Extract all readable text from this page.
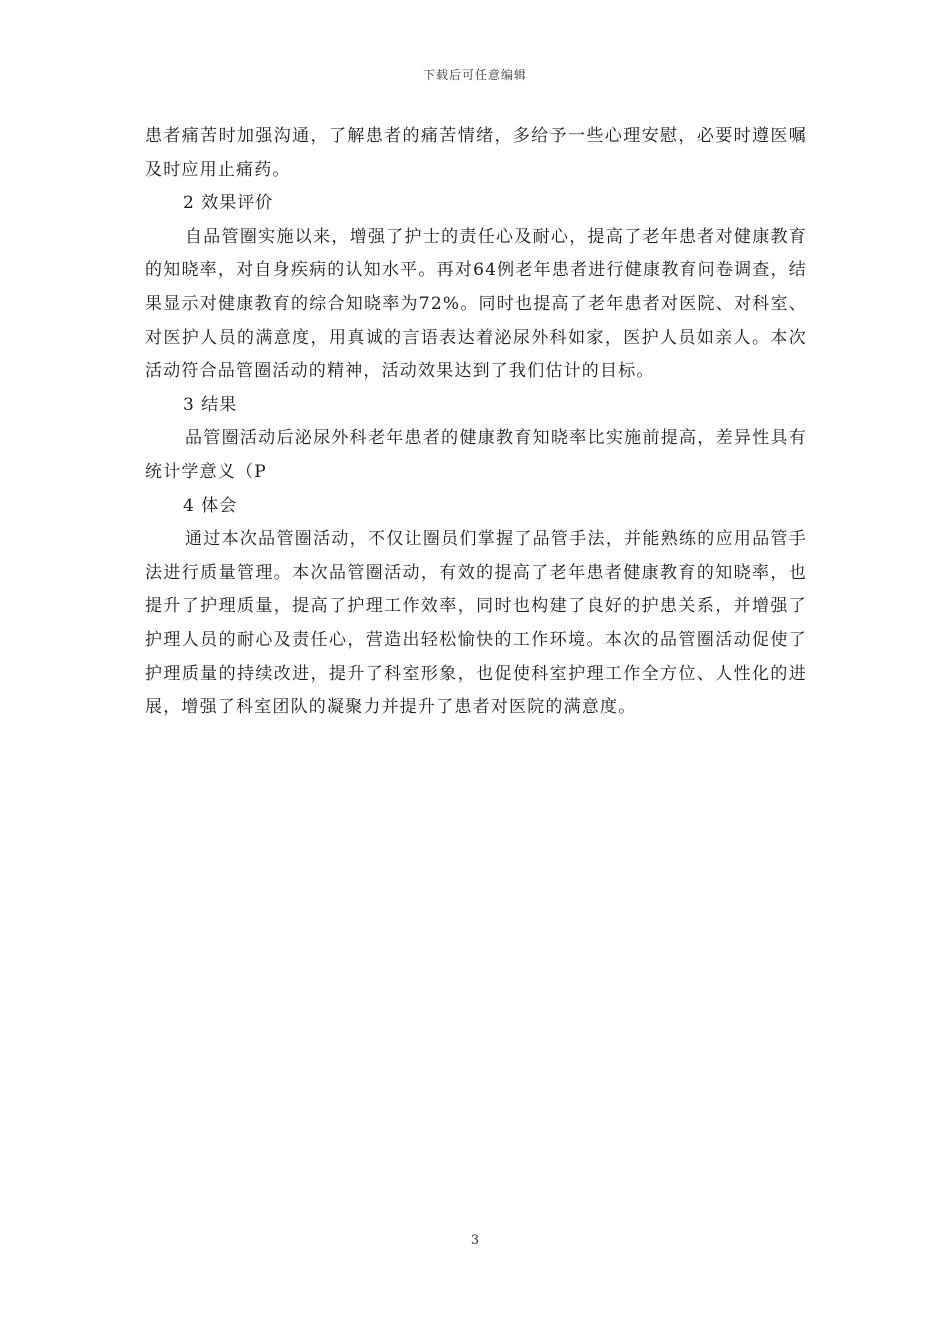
下载后可任意编辑

患者痛苦时加强沟通，了解患者的痛苦情绪，多给予一些心理安慰，必要时遵医嘱及时应用止痛药。

2 效果评价

自品管圈实施以来，增强了护士的责任心及耐心，提高了老年患者对健康教育的知晓率，对自身疾病的认知水平。再对64例老年患者进行健康教育问卷调查，结果显示对健康教育的综合知晓率为72%。同时也提高了老年患者对医院、对科室、对医护人员的满意度，用真诚的言语表达着泌尿外科如家，医护人员如亲人。本次活动符合品管圈活动的精神，活动效果达到了我们估计的目标。

3 结果

品管圈活动后泌尿外科老年患者的健康教育知晓率比实施前提高，差异性具有统计学意义（P

4 体会

通过本次品管圈活动，不仅让圈员们掌握了品管手法，并能熟练的应用品管手法进行质量管理。本次品管圈活动，有效的提高了老年患者健康教育的知晓率，也提升了护理质量，提高了护理工作效率，同时也构建了良好的护患关系，并增强了护理人员的耐心及责任心，营造出轻松愉快的工作环境。本次的品管圈活动促使了护理质量的持续改进，提升了科室形象，也促使科室护理工作全方位、人性化的进展，增强了科室团队的凝聚力并提升了患者对医院的满意度。

3
